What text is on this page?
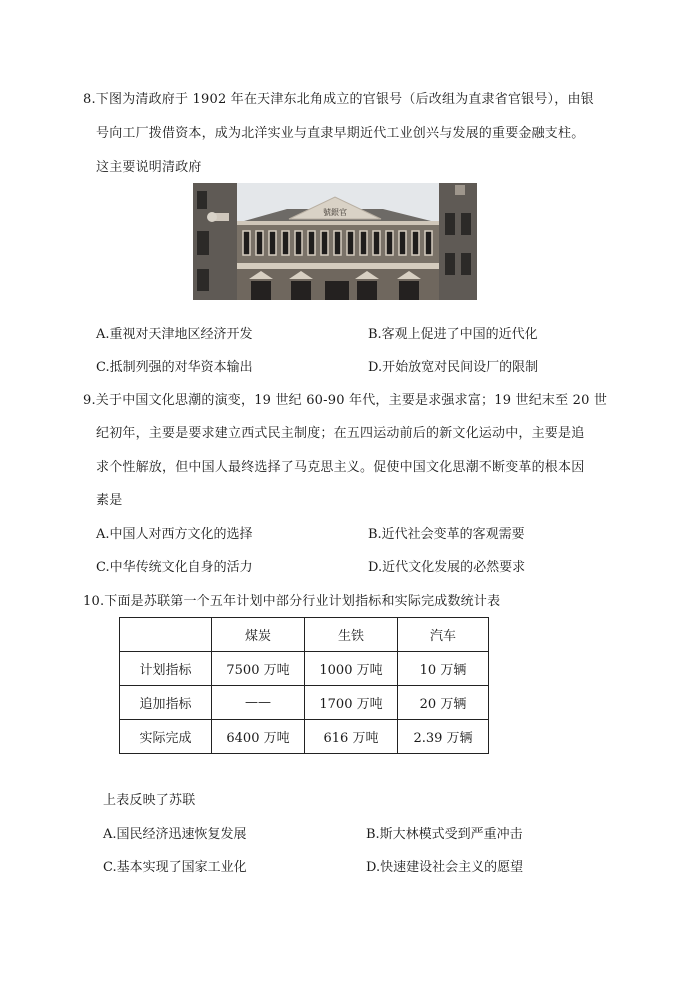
8.下图为清政府于 1902 年在天津东北角成立的官银号（后改组为直隶省官银号），由银
号向工厂拨借资本，成为北洋实业与直隶早期近代工业创兴与发展的重要金融支柱。
这主要说明清政府
號銀官
A.重视对天津地区经济开发	B.客观上促进了中国的近代化
C.抵制列强的对华资本输出	D.开始放宽对民间设厂的限制
9.关于中国文化思潮的演变，19 世纪 60-90 年代，主要是求强求富；19 世纪末至 20 世
纪初年，主要是要求建立西式民主制度；在五四运动前后的新文化运动中，主要是追
求个性解放，但中国人最终选择了马克思主义。促使中国文化思潮不断变革的根本因
素是
A.中国人对西方文化的选择	B.近代社会变革的客观需要
C.中华传统文化自身的活力	D.近代文化发展的必然要求
10.下面是苏联第一个五年计划中部分行业计划指标和实际完成数统计表
	煤炭	生铁	汽车
计划指标	7500 万吨	1000 万吨	10 万辆
追加指标	——	1700 万吨	20 万辆
实际完成	6400 万吨	616 万吨	2.39 万辆
上表反映了苏联
A.国民经济迅速恢复发展	B.斯大林模式受到严重冲击
C.基本实现了国家工业化	D.快速建设社会主义的愿望
